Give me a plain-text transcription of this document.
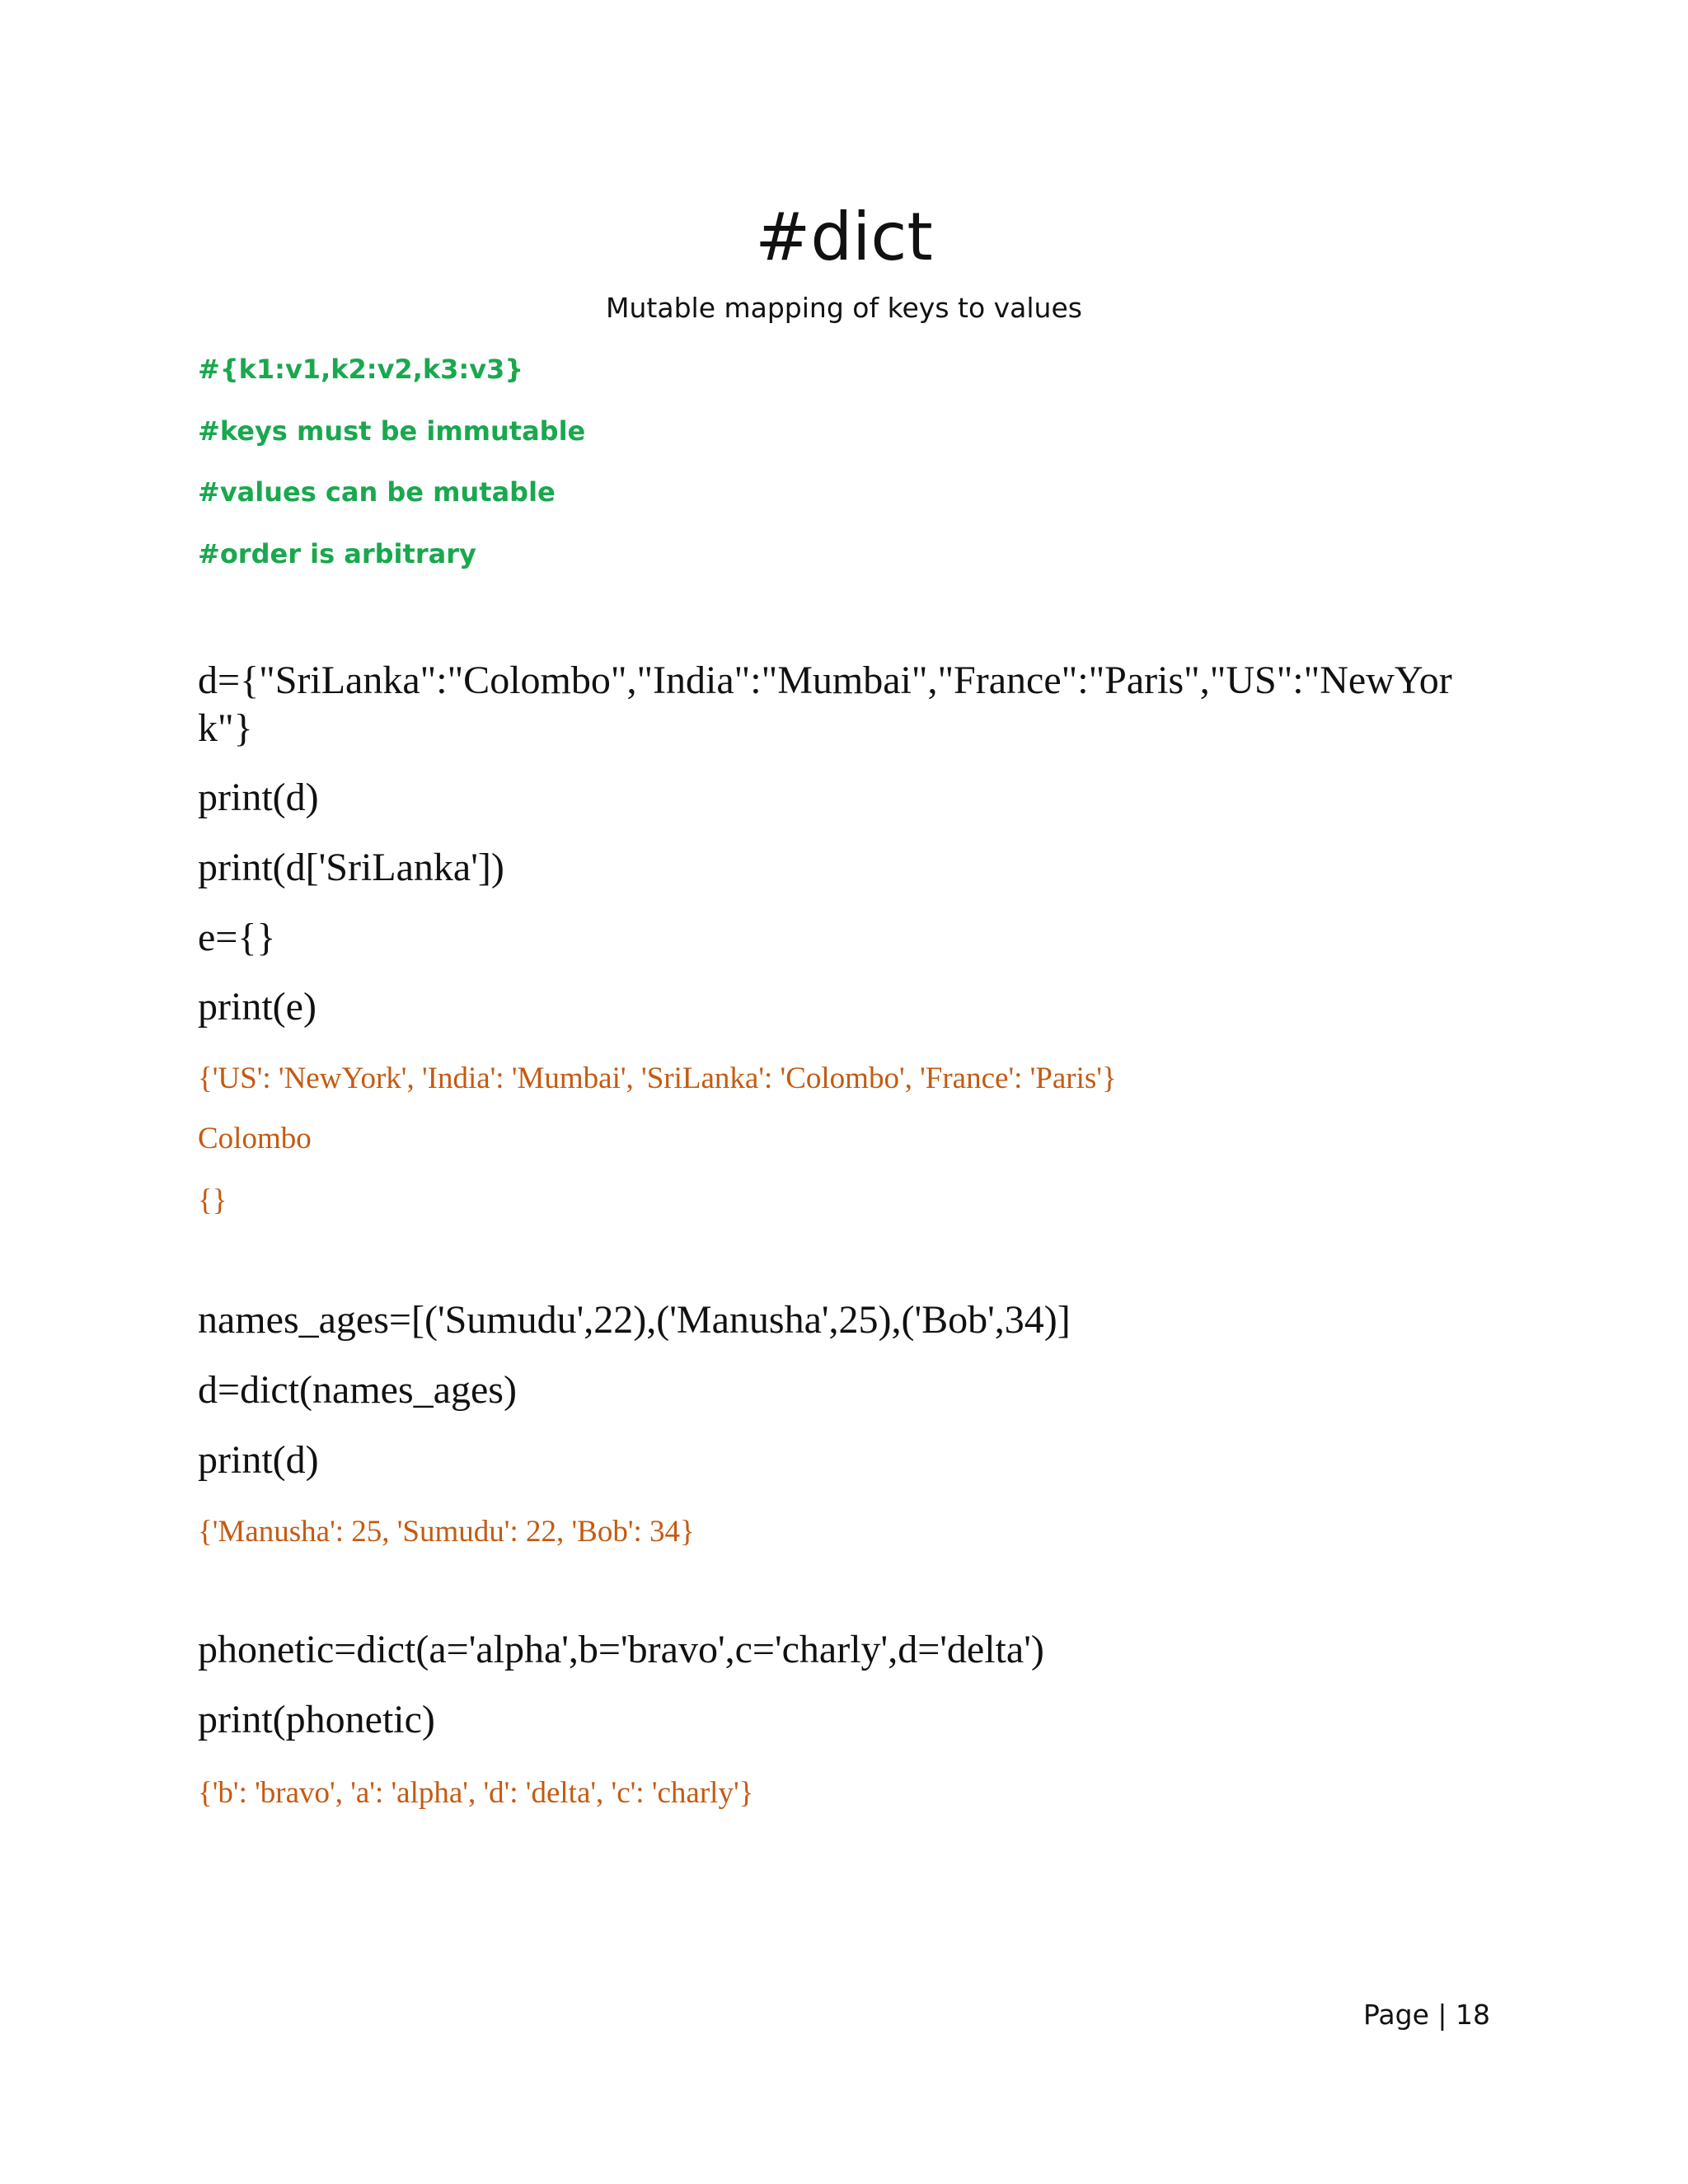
#dict
Mutable mapping of keys to values
#{k1:v1,k2:v2,k3:v3}
#keys must be immutable
#values can be mutable
#order is arbitrary
d={"SriLanka":"Colombo","India":"Mumbai","France":"Paris","US":"NewYork"}
print(d)
print(d['SriLanka'])
e={}
print(e)
{'US': 'NewYork', 'India': 'Mumbai', 'SriLanka': 'Colombo', 'France': 'Paris'}
Colombo
{}
names_ages=[('Sumudu',22),('Manusha',25),('Bob',34)]
d=dict(names_ages)
print(d)
{'Manusha': 25, 'Sumudu': 22, 'Bob': 34}
phonetic=dict(a='alpha',b='bravo',c='charly',d='delta')
print(phonetic)
{'b': 'bravo', 'a': 'alpha', 'd': 'delta', 'c': 'charly'}
Page | 18
